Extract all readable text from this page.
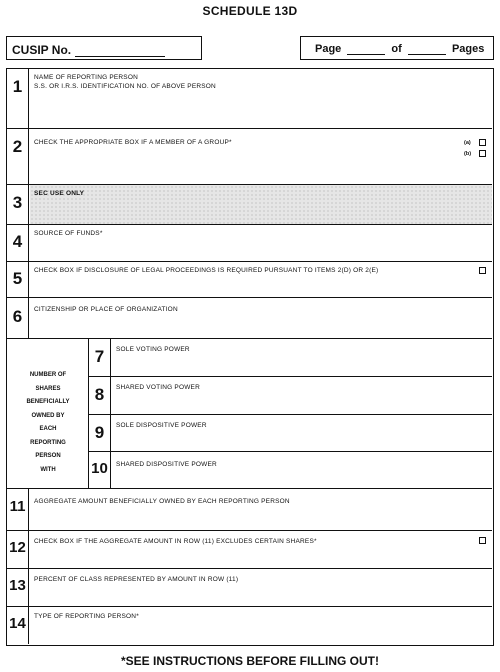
SCHEDULE 13D
CUSIP No.	Page	of	Pages
1	NAME OF REPORTING PERSON
S.S. OR I.R.S. IDENTIFICATION NO. OF ABOVE PERSON
2	CHECK THE APPROPRIATE BOX IF A MEMBER OF A GROUP*	(a)
(b)
3	SEC USE ONLY
4	SOURCE OF FUNDS*
5	CHECK BOX IF DISCLOSURE OF LEGAL PROCEEDINGS IS REQUIRED PURSUANT TO ITEMS 2(D) OR 2(E)
6	CITIZENSHIP OR PLACE OF ORGANIZATION
NUMBER OF
SHARES
BENEFICIALLY
OWNED BY
EACH
REPORTING
PERSON
WITH
7	SOLE VOTING POWER
8	SHARED VOTING POWER
9	SOLE DISPOSITIVE POWER
10	SHARED DISPOSITIVE POWER
11	AGGREGATE AMOUNT BENEFICIALLY OWNED BY EACH REPORTING PERSON
12	CHECK BOX IF THE AGGREGATE AMOUNT IN ROW (11) EXCLUDES CERTAIN SHARES*
13	PERCENT OF CLASS REPRESENTED BY AMOUNT IN ROW (11)
14	TYPE OF REPORTING PERSON*
*SEE INSTRUCTIONS BEFORE FILLING OUT!
